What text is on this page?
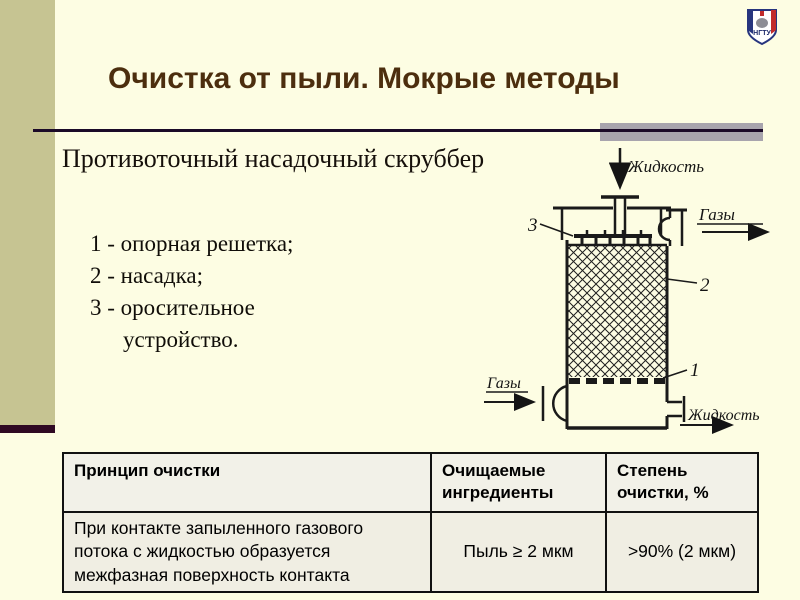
НГТУ
Очистка от пыли. Мокрые методы
Противоточный насадочный скруббер
1 - опорная решетка;
2 - насадка;
3 - оросительное
устройство.
Жидкость
Газы
Газы
Жидкость
3
2
1
Принцип очистки	Очищаемые ингредиенты	Степень очистки, %
При контакте запыленного газового потока с жидкостью образуется межфазная поверхность контакта	Пыль ≥ 2 мкм	>90% (2 мкм)
